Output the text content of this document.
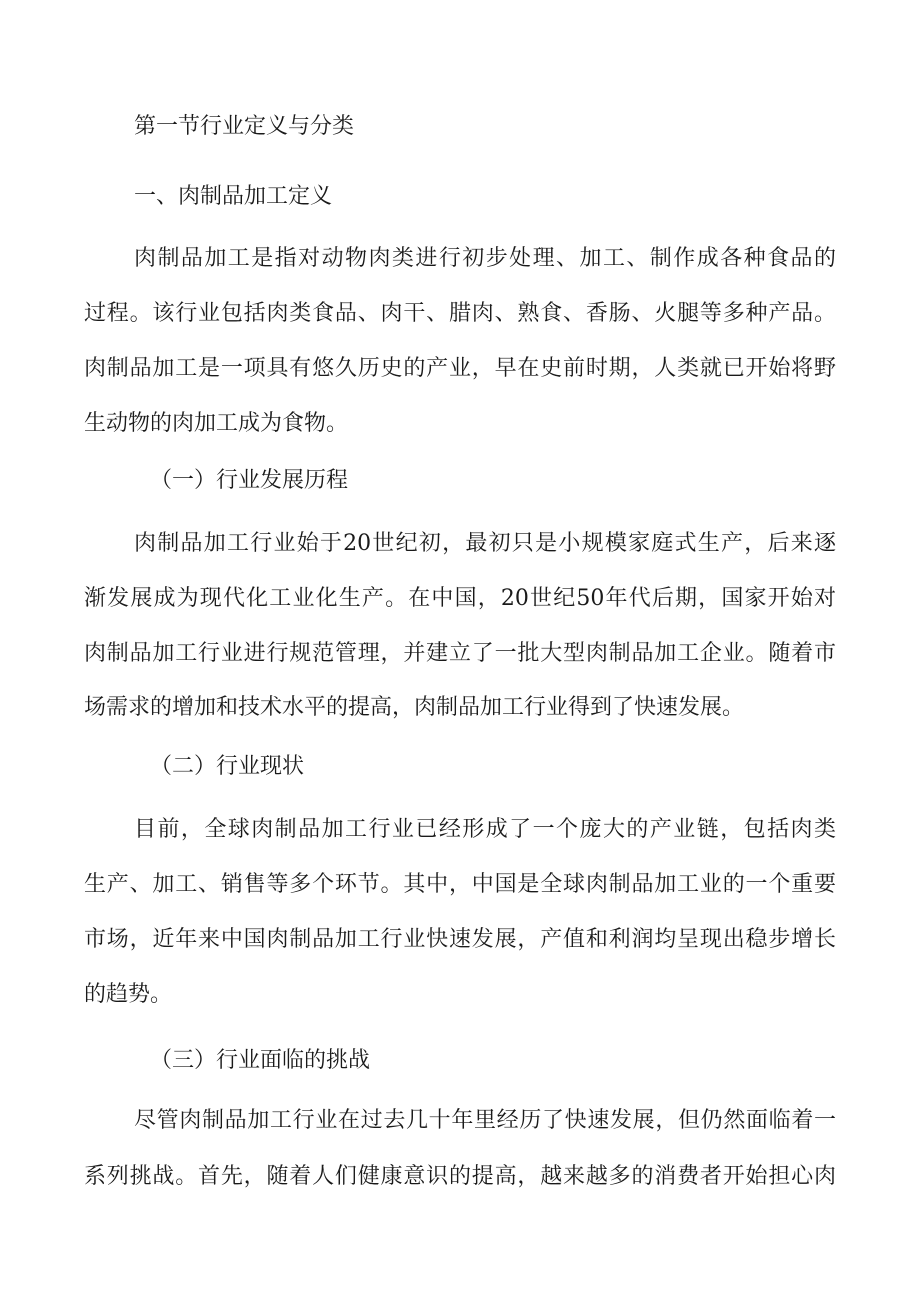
第一节行业定义与分类

一、肉制品加工定义

肉制品加工是指对动物肉类进行初步处理、加工、制作成各种食品的

过程。该行业包括肉类食品、肉干、腊肉、熟食、香肠、火腿等多种产品。

肉制品加工是一项具有悠久历史的产业，早在史前时期，人类就已开始将野

生动物的肉加工成为食物。

（一）行业发展历程

肉制品加工行业始于20世纪初，最初只是小规模家庭式生产，后来逐

渐发展成为现代化工业化生产。在中国，20世纪50年代后期，国家开始对

肉制品加工行业进行规范管理，并建立了一批大型肉制品加工企业。随着市

场需求的增加和技术水平的提高，肉制品加工行业得到了快速发展。

（二）行业现状

目前，全球肉制品加工行业已经形成了一个庞大的产业链，包括肉类

生产、加工、销售等多个环节。其中，中国是全球肉制品加工业的一个重要

市场，近年来中国肉制品加工行业快速发展，产值和利润均呈现出稳步增长

的趋势。

（三）行业面临的挑战

尽管肉制品加工行业在过去几十年里经历了快速发展，但仍然面临着一

系列挑战。首先，随着人们健康意识的提高，越来越多的消费者开始担心肉
